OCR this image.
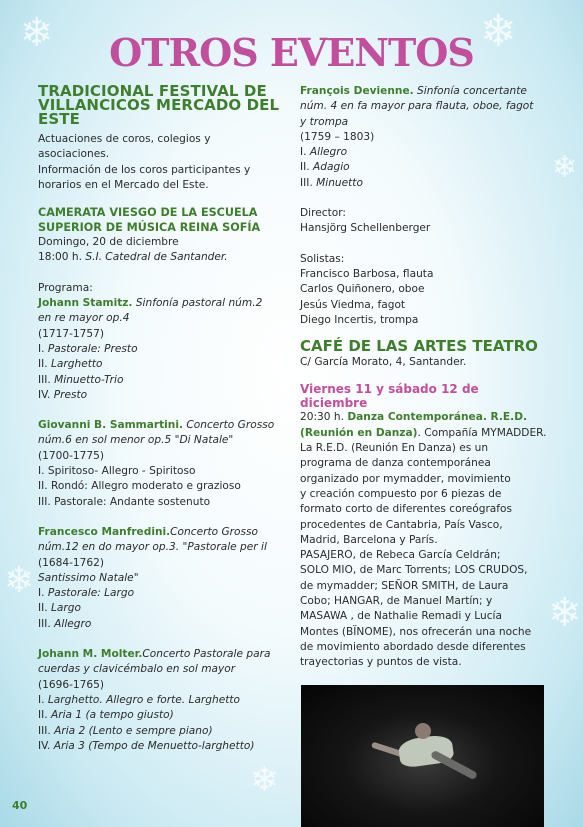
❄	❄
❄
❄
❄
❄
OTROS EVENTOS
TRADICIONAL FESTIVAL DE VILLANCICOS MERCADO DEL ESTE
Actuaciones de coros, colegios y asociaciones.
Información de los coros participantes y
horarios en el Mercado del Este.
CAMERATA VIESGO DE LA ESCUELA
SUPERIOR DE MÚSICA REINA SOFÍA
Domingo, 20 de diciembre
18:00 h. S.I. Catedral de Santander.
Programa:
Johann Stamitz. Sinfonía pastoral núm.2
en re mayor op.4
(1717-1757)
I. Pastorale: Presto
II. Larghetto
III. Minuetto-Trio
IV. Presto
Giovanni B. Sammartini. Concerto Grosso
núm.6 en sol menor op.5 "Di Natale"
(1700-1775)
I. Spiritoso- Allegro - Spiritoso
II. Rondó: Allegro moderato e grazioso
III. Pastorale: Andante sostenuto
Francesco Manfredini.Concerto Grosso
núm.12 en do mayor op.3. "Pastorale per il
(1684-1762)
Santissimo Natale"
I. Pastorale: Largo
II. Largo
III. Allegro
Johann M. Molter.Concerto Pastorale para
cuerdas y clavicémbalo en sol mayor
(1696-1765)
I. Larghetto. Allegro e forte. Larghetto
II. Aria 1 (a tempo giusto)
III. Aria 2 (Lento e sempre piano)
IV. Aria 3 (Tempo de Menuetto-larghetto)
François Devienne. Sinfonía concertante
núm. 4 en fa mayor para flauta, oboe, fagot
y trompa
(1759 – 1803)
I. Allegro
II. Adagio
III. Minuetto
Director:
Hansjörg Schellenberger
Solistas:
Francisco Barbosa, flauta
Carlos Quiñonero, oboe
Jesús Viedma, fagot
Diego Incertis, trompa
CAFÉ DE LAS ARTES TEATRO
C/ García Morato, 4, Santander.
Viernes 11 y sábado 12 de
diciembre
20:30 h. Danza Contemporánea. R.E.D.
(Reunión en Danza). Compañía MYMADDER.
La R.E.D. (Reunión En Danza) es un
programa de danza contemporánea
organizado por mymadder, movimiento
y creación compuesto por 6 piezas de
formato corto de diferentes coreógrafos
procedentes de Cantabria, País Vasco,
Madrid, Barcelona y París.
PASAJERO, de Rebeca García Celdrán;
SOLO MIO, de Marc Torrents; LOS CRUDOS,
de mymadder; SEÑOR SMITH, de Laura
Cobo; HANGAR, de Manuel Martín; y
MASAWA , de Nathalie Remadi y Lucía
Montes (BÏNOME), nos ofrecerán una noche
de movimiento abordado desde diferentes
trayectorias y puntos de vista.
40
